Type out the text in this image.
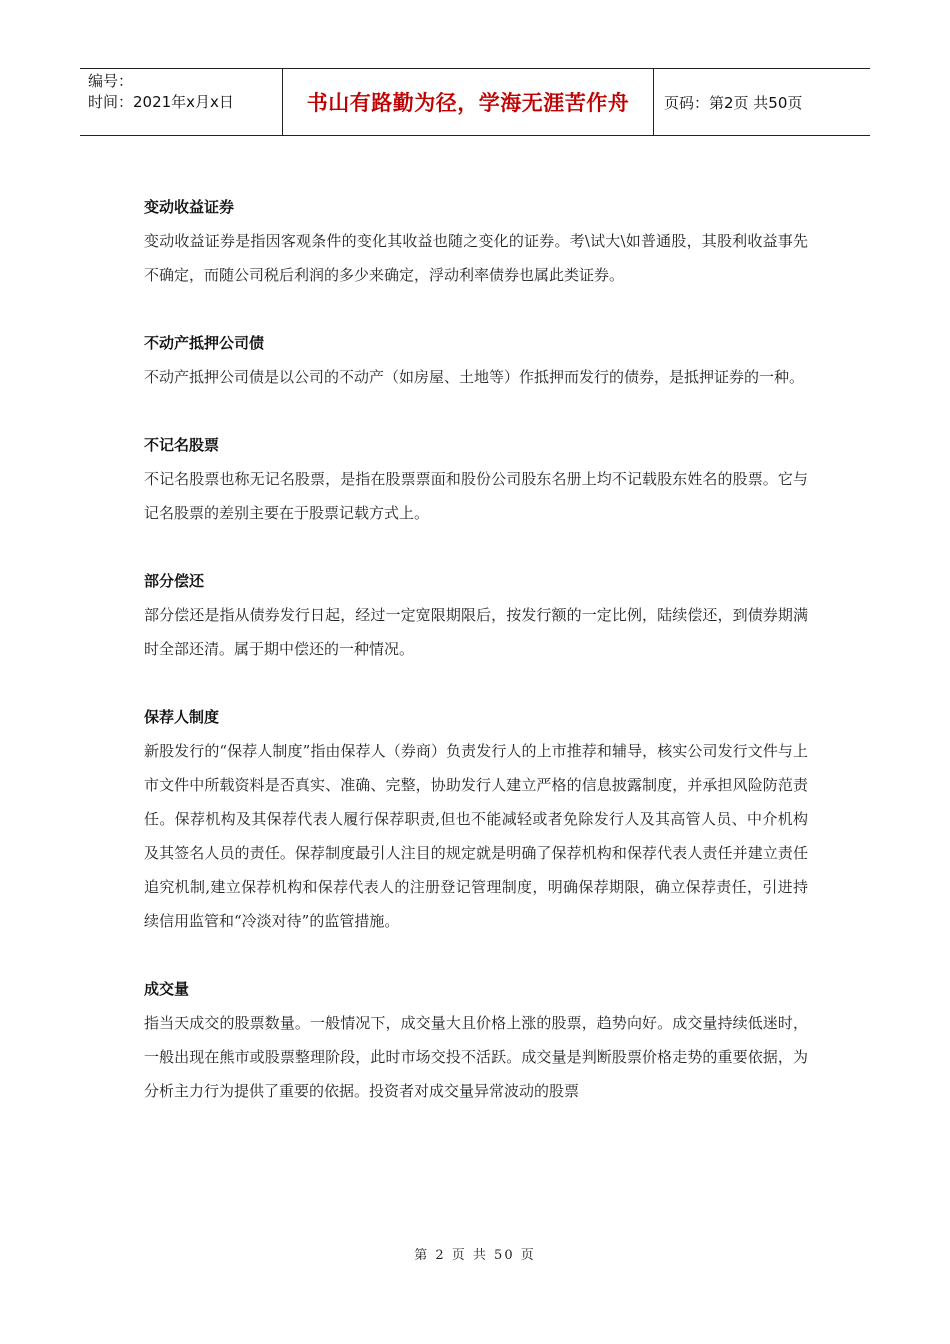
编号：
时间：2021年x月x日	书山有路勤为径，学海无涯苦作舟	页码：第2页 共50页
变动收益证券
变动收益证券是指因客观条件的变化其收益也随之变化的证券。考\试大\如普通股，其股利收益事先不确定，而随公司税后利润的多少来确定，浮动利率债券也属此类证券。
不动产抵押公司债
不动产抵押公司债是以公司的不动产（如房屋、土地等）作抵押而发行的债券，是抵押证券的一种。
不记名股票
不记名股票也称无记名股票，是指在股票票面和股份公司股东名册上均不记载股东姓名的股票。它与记名股票的差别主要在于股票记载方式上。
部分偿还
部分偿还是指从债券发行日起，经过一定宽限期限后，按发行额的一定比例，陆续偿还，到债券期满时全部还清。属于期中偿还的一种情况。
保荐人制度
新股发行的“保荐人制度”指由保荐人（券商）负责发行人的上市推荐和辅导，核实公司发行文件与上市文件中所载资料是否真实、准确、完整，协助发行人建立严格的信息披露制度，并承担风险防范责任。保荐机构及其保荐代表人履行保荐职责,但也不能减轻或者免除发行人及其高管人员、中介机构及其签名人员的责任。保荐制度最引人注目的规定就是明确了保荐机构和保荐代表人责任并建立责任追究机制,建立保荐机构和保荐代表人的注册登记管理制度，明确保荐期限，确立保荐责任，引进持续信用监管和“冷淡对待”的监管措施。
成交量
指当天成交的股票数量。一般情况下，成交量大且价格上涨的股票，趋势向好。成交量持续低迷时，一般出现在熊市或股票整理阶段，此时市场交投不活跃。成交量是判断股票价格走势的重要依据，为分析主力行为提供了重要的依据。投资者对成交量异常波动的股票
第 2 页 共 50 页
